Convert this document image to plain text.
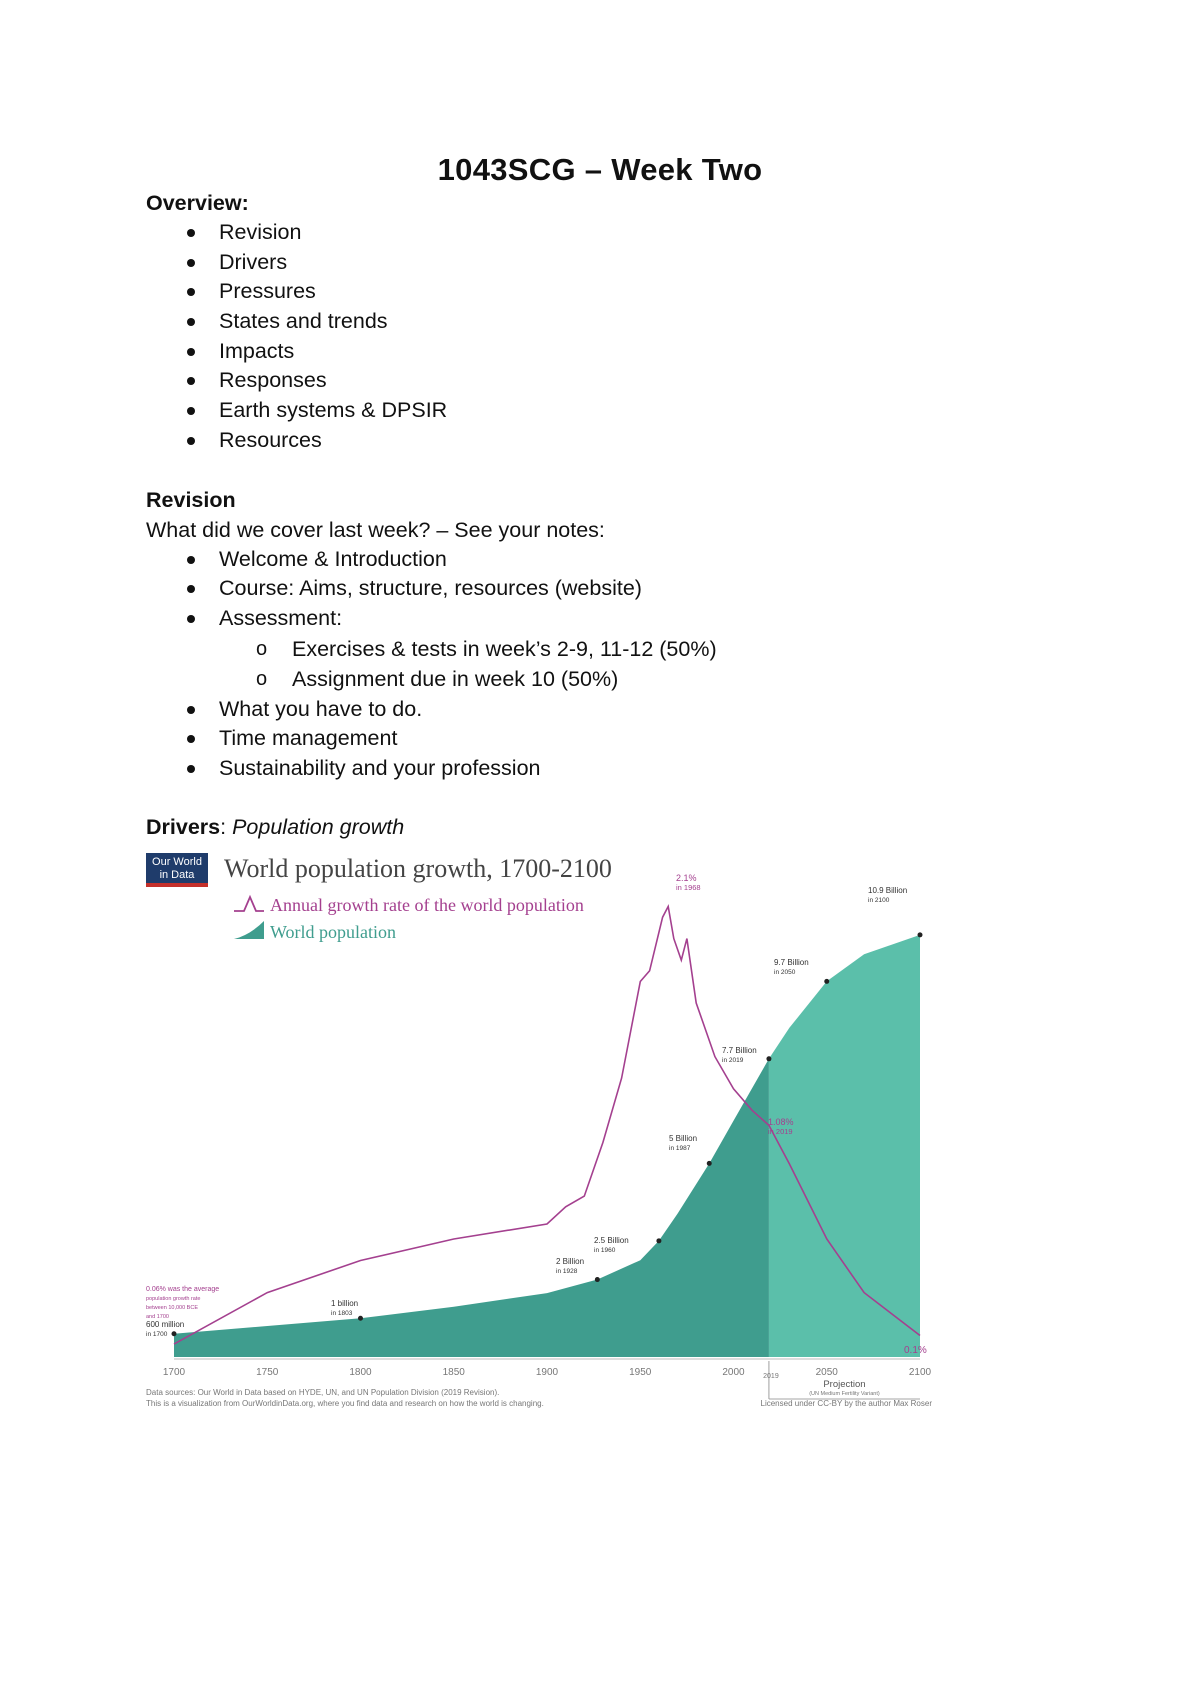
1043SCG – Week Two
Overview:
Revision
Drivers
Pressures
States and trends
Impacts
Responses
Earth systems & DPSIR
Resources
Revision
What did we cover last week? – See your notes:
Welcome & Introduction
Course: Aims, structure, resources (website)
Assessment:
o Exercises & tests in week’s 2-9, 11-12 (50%)
o Assignment due in week 10 (50%)
What you have to do.
Time management
Sustainability and your profession
Drivers: Population growth
Our World
in Data World population growth, 1700-2100
Annual growth rate of the world population
World population
2.1%
in 1968
1.08%
in 2019
0.1%
0.06% was the average
population growth rate
between 10,000 BCE
and 1700
600 million
in 1700
1 billion
in 1803
2 Billion
in 1928
2.5 Billion
in 1960
5 Billion
in 1987
7.7 Billion
in 2019
9.7 Billion
in 2050
10.9 Billion
in 2100
1700	1750	1800	1850	1900	1950	2000	2050	2100
2019
Projection
(UN Medium Fertility Variant)
Data sources: Our World in Data based on HYDE, UN, and UN Population Division (2019 Revision).
This is a visualization from OurWorldinData.org, where you find data and research on how the world is changing.	Licensed under CC-BY by the author Max Roser
